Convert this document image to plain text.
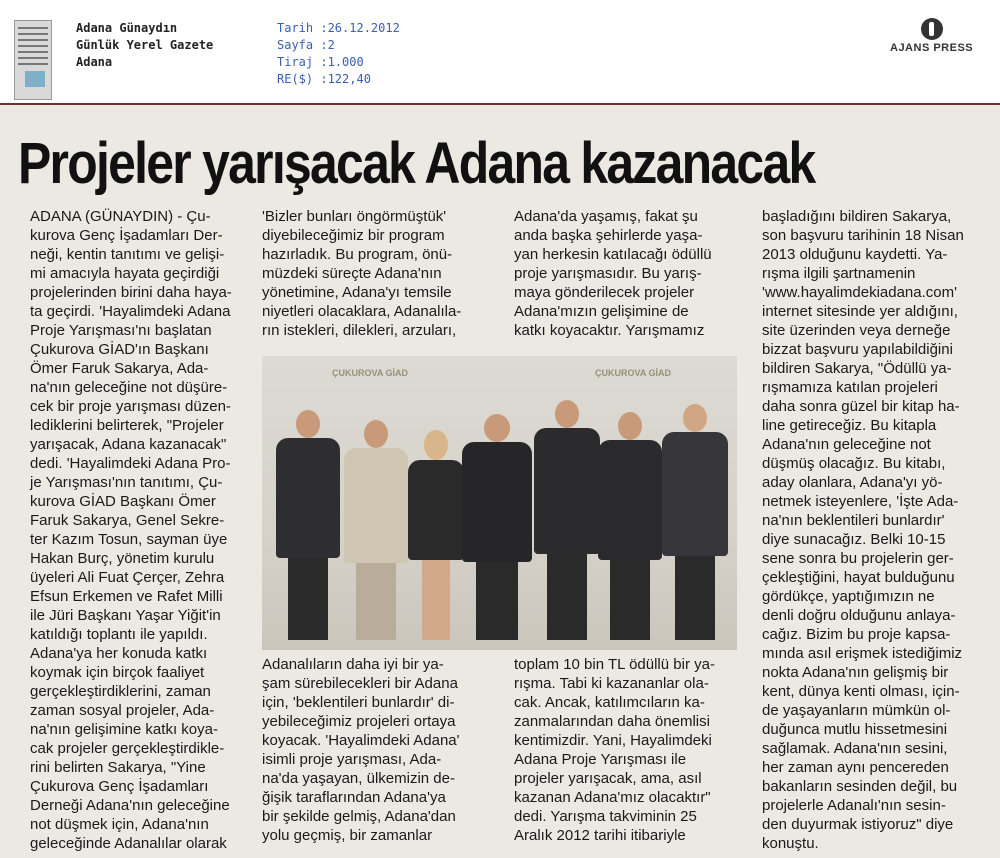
Adana Günaydın
Günlük Yerel Gazete
Adana
Tarih :26.12.2012
Sayfa :2
Tiraj :1.000
RE($) :122,40
AJANS PRESS
Projeler yarışacak Adana kazanacak
ADANA (GÜNAYDIN) - Çu-
kurova Genç İşadamları Der-
neği, kentin tanıtımı ve gelişi-
mi amacıyla hayata geçirdiği
projelerinden birini daha haya-
ta geçirdi. 'Hayalimdeki Adana
Proje Yarışması'nı başlatan
Çukurova GİAD'ın Başkanı
Ömer Faruk Sakarya, Ada-
na'nın geleceğine not düşüre-
cek bir proje yarışması düzen-
lediklerini belirterek, "Projeler
yarışacak, Adana kazanacak"
dedi. 'Hayalimdeki Adana Pro-
je Yarışması'nın tanıtımı, Çu-
kurova GİAD Başkanı Ömer
Faruk Sakarya, Genel Sekre-
ter Kazım Tosun, sayman üye
Hakan Burç, yönetim kurulu
üyeleri Ali Fuat Çerçer, Zehra
Efsun Erkemen ve Rafet Milli
ile Jüri Başkanı Yaşar Yiğit'in
katıldığı toplantı ile yapıldı.
Adana'ya her konuda katkı
koymak için birçok faaliyet
gerçekleştirdiklerini, zaman
zaman sosyal projeler, Ada-
na'nın gelişimine katkı koya-
cak projeler gerçekleştirdikle-
rini belirten Sakarya, "Yine
Çukurova Genç İşadamları
Derneği Adana'nın geleceğine
not düşmek için, Adana'nın
geleceğinde Adanalılar olarak
'Bizler bunları öngörmüştük'
diyebileceğimiz bir program
hazırladık. Bu program, önü-
müzdeki süreçte Adana'nın
yönetimine, Adana'yı temsile
niyetleri olacaklara, Adanalıla-
rın istekleri, dilekleri, arzuları,
Adana'da yaşamış, fakat şu
anda başka şehirlerde yaşa-
yan herkesin katılacağı ödüllü
proje yarışmasıdır. Bu yarış-
maya gönderilecek projeler
Adana'mızın gelişimine de
katkı koyacaktır. Yarışmamız
başladığını bildiren Sakarya,
son başvuru tarihinin 18 Nisan
2013 olduğunu kaydetti. Ya-
rışma ilgili şartnamenin
'www.hayalimdekiadana.com'
internet sitesinde yer aldığını,
site üzerinden veya derneğe
bizzat başvuru yapılabildiğini
bildiren Sakarya, "Ödüllü ya-
rışmamıza katılan projeleri
daha sonra güzel bir kitap ha-
line getireceğiz. Bu kitapla
Adana'nın geleceğine not
düşmüş olacağız. Bu kitabı,
aday olanlara, Adana'yı yö-
netmek isteyenlere, 'İşte Ada-
na'nın beklentileri bunlardır'
diye sunacağız. Belki 10-15
sene sonra bu projelerin ger-
çekleştiğini, hayat bulduğunu
gördükçe, yaptığımızın ne
denli doğru olduğunu anlaya-
cağız. Bizim bu proje kapsa-
mında asıl erişmek istediğimiz
nokta Adana'nın gelişmiş bir
kent, dünya kenti olması, için-
de yaşayanların mümkün ol-
duğunca mutlu hissetmesini
sağlamak. Adana'nın sesini,
her zaman aynı pencereden
bakanların sesinden değil, bu
projelerle Adanalı'nın sesin-
den duyurmak istiyoruz" diye
konuştu.
ÇUKUROVA GİAD	ÇUKUROVA GİAD
Adanalıların daha iyi bir ya-
şam sürebilecekleri bir Adana
için, 'beklentileri bunlardır' di-
yebileceğimiz projeleri ortaya
koyacak. 'Hayalimdeki Adana'
isimli proje yarışması, Ada-
na'da yaşayan, ülkemizin de-
ğişik taraflarından Adana'ya
bir şekilde gelmiş, Adana'dan
yolu geçmiş, bir zamanlar
toplam 10 bin TL ödüllü bir ya-
rışma. Tabi ki kazananlar ola-
cak. Ancak, katılımcıların ka-
zanmalarından daha önemlisi
kentimizdir. Yani, Hayalimdeki
Adana Proje Yarışması ile
projeler yarışacak, ama, asıl
kazanan Adana'mız olacaktır"
dedi. Yarışma takviminin 25
Aralık 2012 tarihi itibariyle
